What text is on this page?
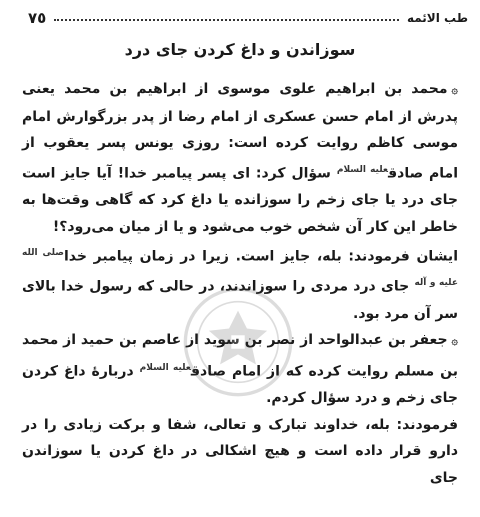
٧٥	طب الائمه
سوزاندن و داغ کردن جای درد

۞محمد بن ابراهيم علوی موسوی از ابراهيم بن محمد يعنی پدرش از امام حسن عسکری از امام رضا از پدر بزرگوارش امام موسی کاظم روايت کرده است: روزی يونس پسر يعقوب از امام صادق$^{عليه السلام}$ سؤال کرد: ای پسر پيامبر خدا! آيا جايز است جای درد يا جای زخم را سوزانده يا داغ کرد که گاهی وقت‌ها به خاطر اين کار آن شخص خوب می‌شود و يا از ميان می‌رود؟!

ايشان فرمودند: بله، جايز است. زيرا در زمان پيامبر خدا$^{صلی الله عليه و آله}$ جای درد مردی را سوزاندند، در حالی که رسول خدا بالای سر آن مرد بود.

۞جعفر بن عبدالواحد از نصر بن سويد از عاصم بن حميد از محمد بن مسلم روايت کرده که از امام صادق$^{عليه السلام}$ دربارهٔ داغ کردن جای زخم و درد سؤال کردم.

فرمودند: بله، خداوند تبارک و تعالی، شفا و برکت زيادی را در دارو قرار داده است و هيچ اشکالی در داغ کردن يا سوزاندن جای
